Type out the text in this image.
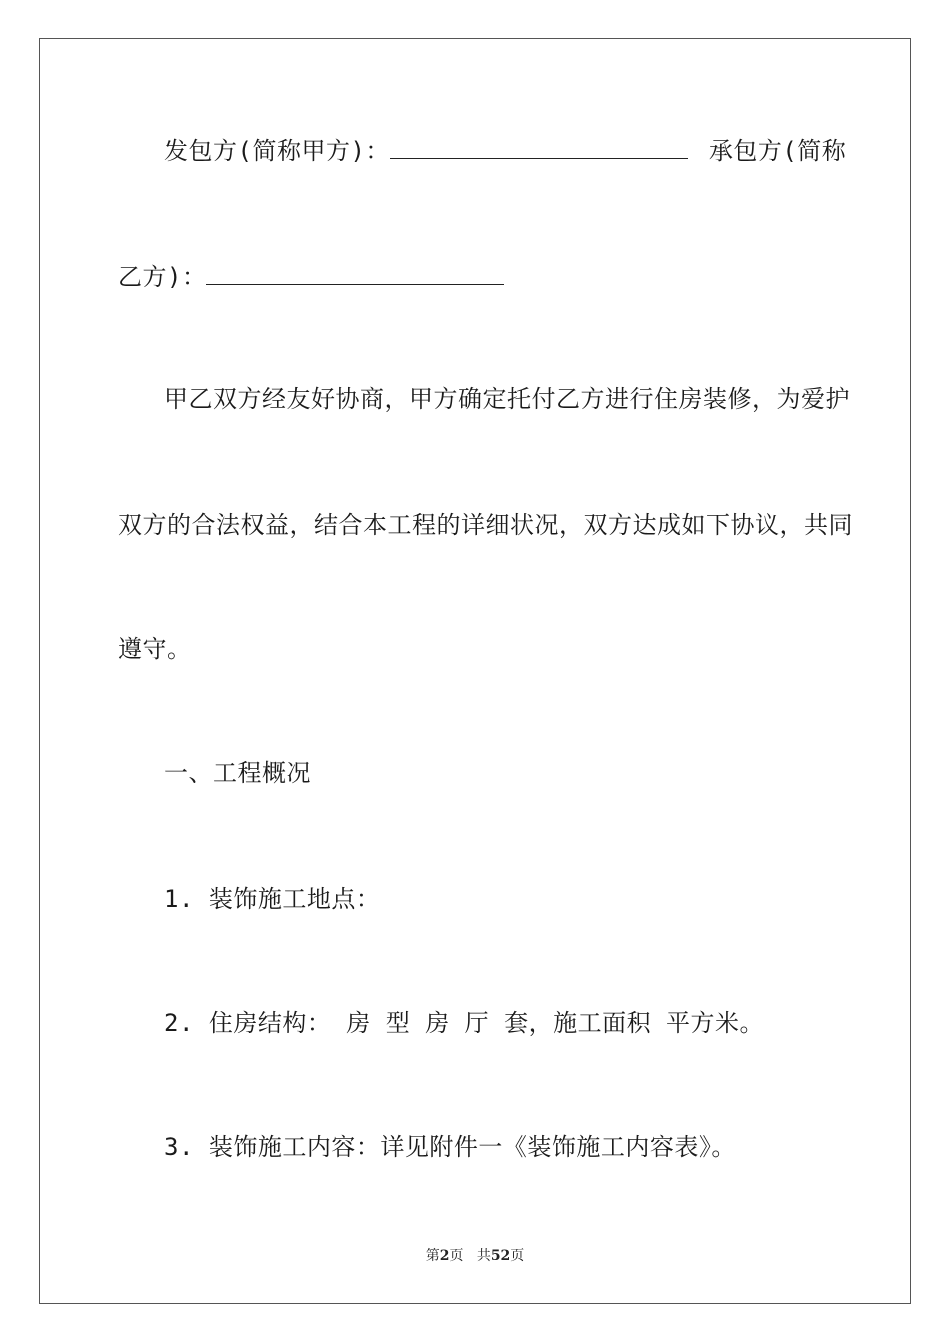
发包方(简称甲方)：	承包方(简称
乙方)：
甲乙双方经友好协商，甲方确定托付乙方进行住房装修，为爱护
双方的合法权益，结合本工程的详细状况，双方达成如下协议，共同
遵守。
一、工程概况
1. 装饰施工地点：
2. 住房结构： 房 型 房 厅 套，施工面积 平方米。
3. 装饰施工内容：详见附件一《装饰施工内容表》。
第2页 共52页
